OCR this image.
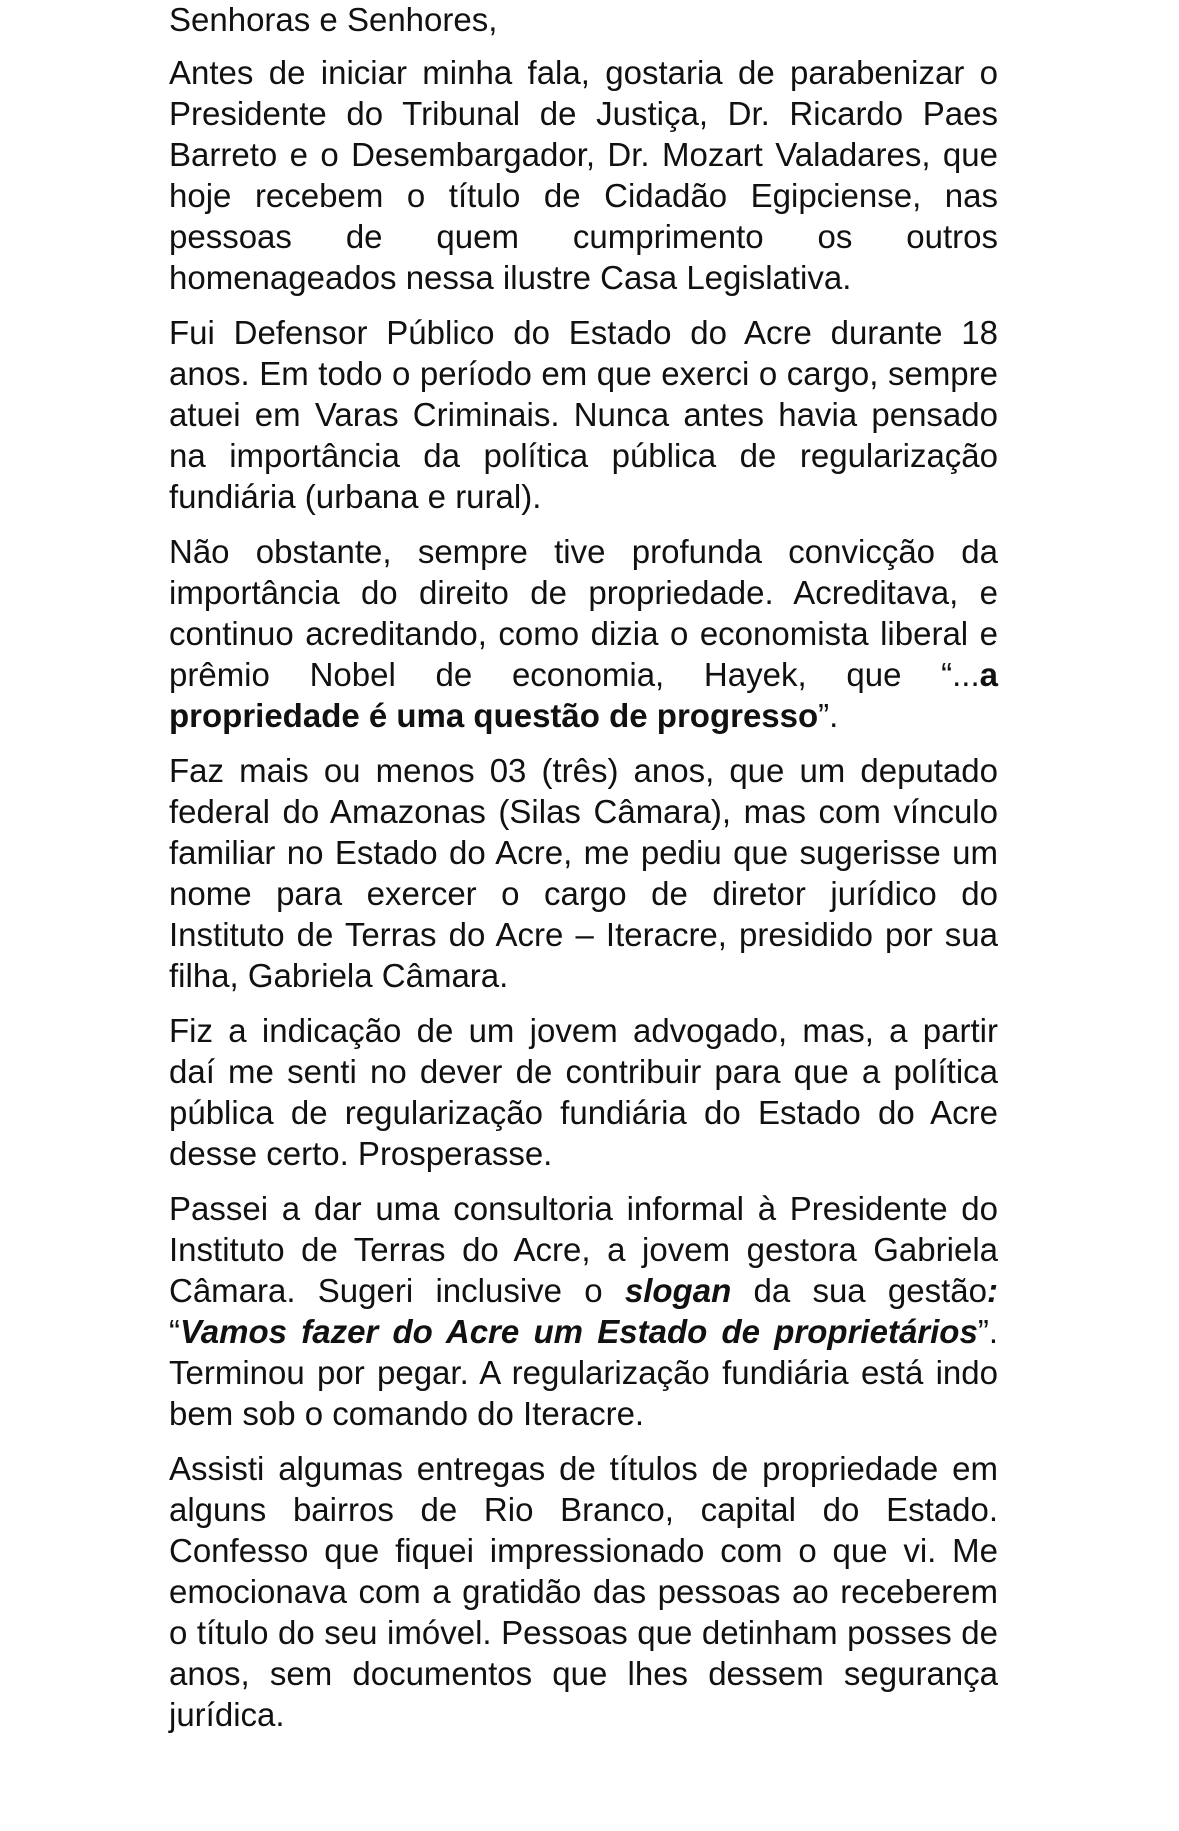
Senhoras e Senhores,

Antes de iniciar minha fala, gostaria de parabenizar o Presidente do Tribunal de Justiça, Dr. Ricardo Paes Barreto e o Desembargador, Dr. Mozart Valadares, que hoje recebem o título de Cidadão Egipciense, nas pessoas de quem cumprimento os outros homenageados nessa ilustre Casa Legislativa.

Fui Defensor Público do Estado do Acre durante 18 anos. Em todo o período em que exerci o cargo, sempre atuei em Varas Criminais. Nunca antes havia pensado na importância da política pública de regularização fundiária (urbana e rural).

Não obstante, sempre tive profunda convicção da importância do direito de propriedade. Acreditava, e continuo acreditando, como dizia o economista liberal e prêmio Nobel de economia, Hayek, que “...a propriedade é uma questão de progresso”.

Faz mais ou menos 03 (três) anos, que um deputado federal do Amazonas (Silas Câmara), mas com vínculo familiar no Estado do Acre, me pediu que sugerisse um nome para exercer o cargo de diretor jurídico do Instituto de Terras do Acre – Iteracre, presidido por sua filha, Gabriela Câmara.

Fiz a indicação de um jovem advogado, mas, a partir daí me senti no dever de contribuir para que a política pública de regularização fundiária do Estado do Acre desse certo. Prosperasse.

Passei a dar uma consultoria informal à Presidente do Instituto de Terras do Acre, a jovem gestora Gabriela Câmara. Sugeri inclusive o slogan da sua gestão: “Vamos fazer do Acre um Estado de proprietários”. Terminou por pegar. A regularização fundiária está indo bem sob o comando do Iteracre.

Assisti algumas entregas de títulos de propriedade em alguns bairros de Rio Branco, capital do Estado. Confesso que fiquei impressionado com o que vi. Me emocionava com a gratidão das pessoas ao receberem o título do seu imóvel. Pessoas que detinham posses de anos, sem documentos que lhes dessem segurança jurídica.
